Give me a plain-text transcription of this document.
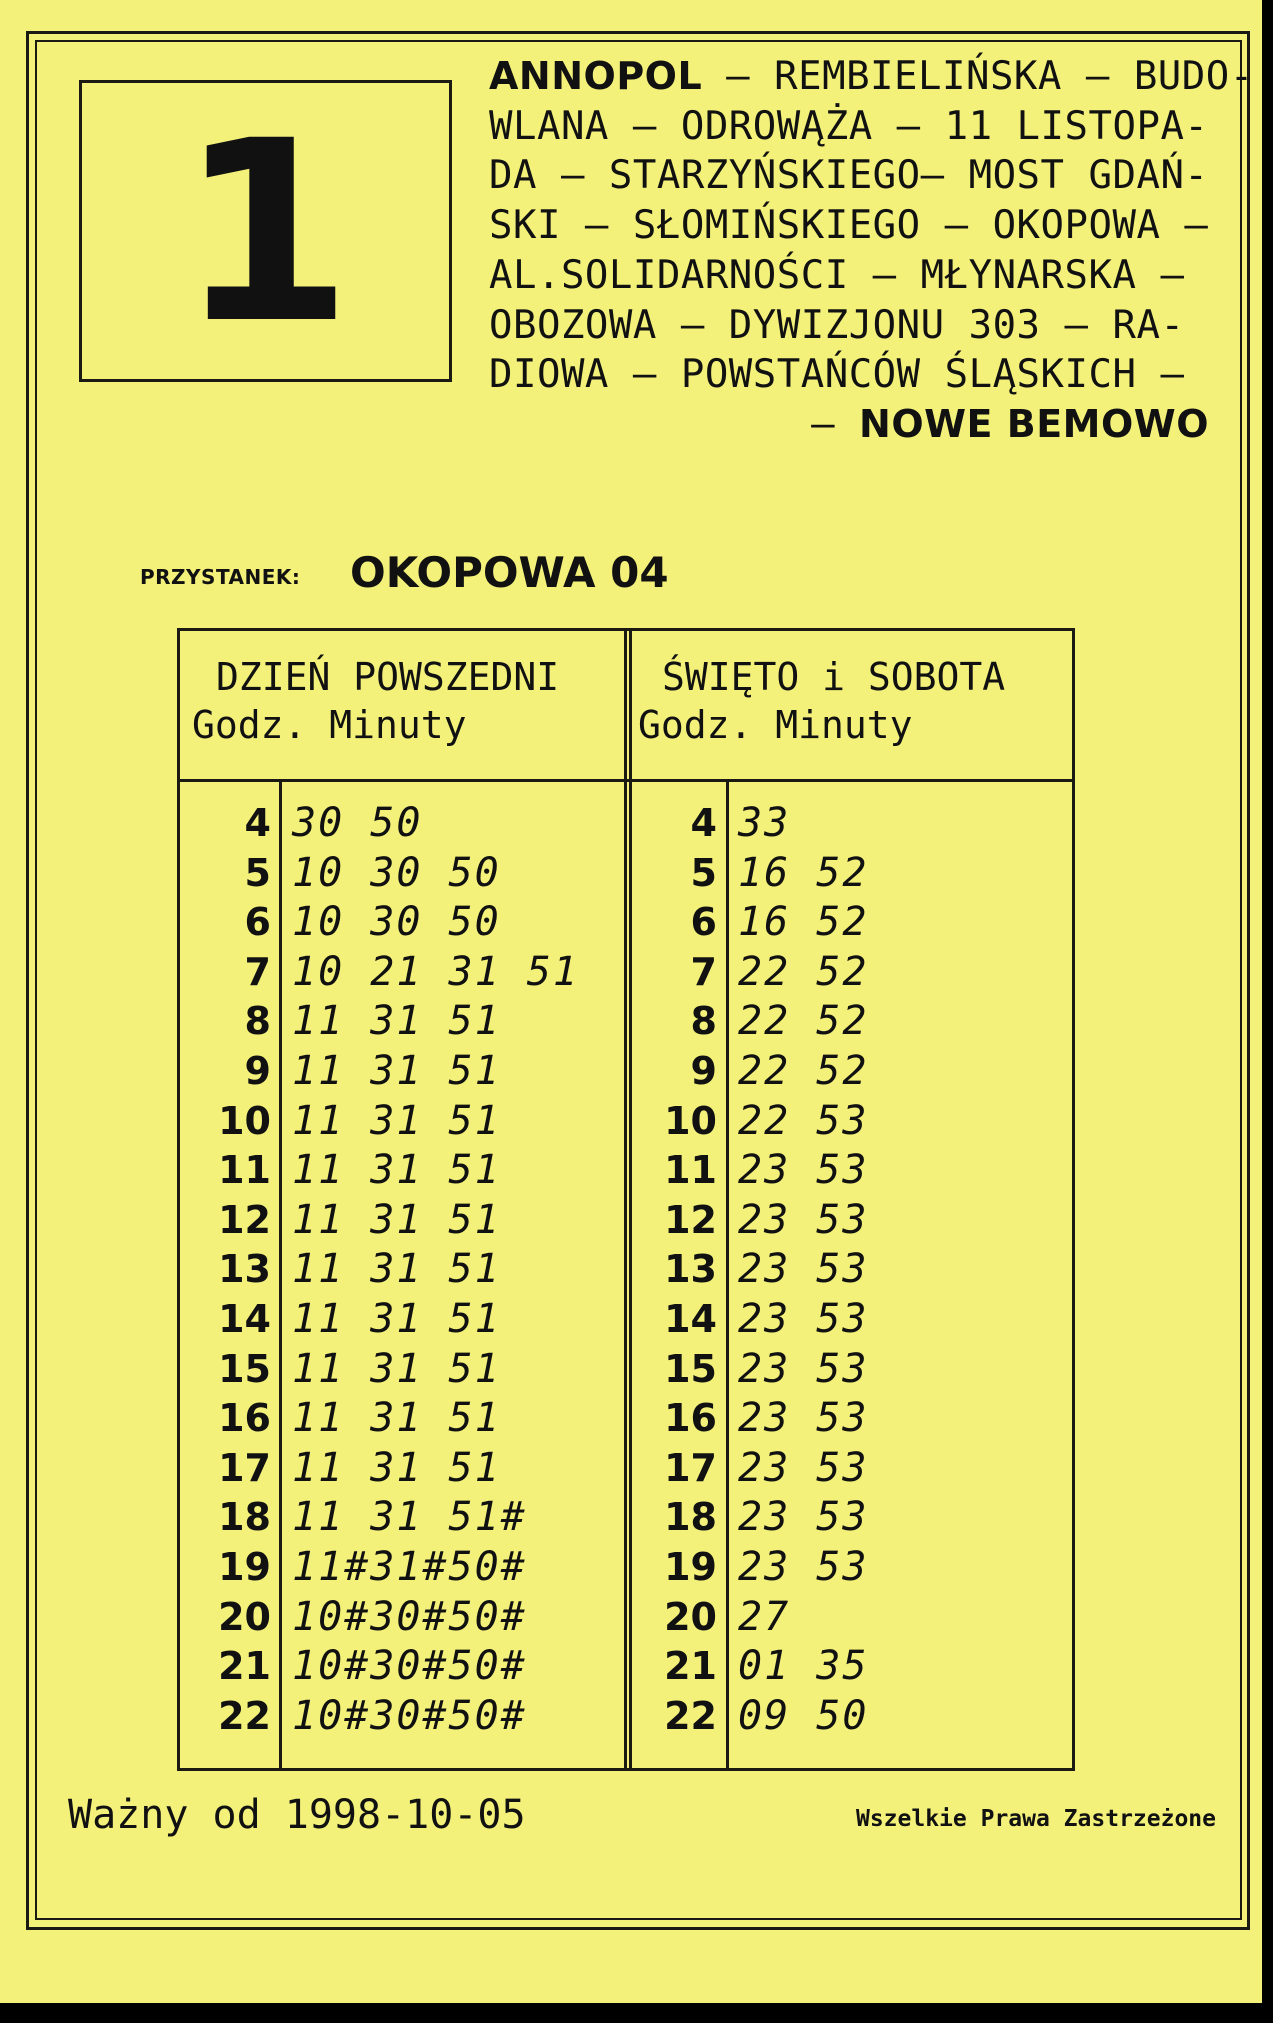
1
ANNOPOL – REMBIELIŃSKA – BUDO-
WLANA – ODROWĄŻA – 11 LISTOPA-
DA – STARZYŃSKIEGO– MOST GDAŃ-
SKI – SŁOMIŃSKIEGO – OKOPOWA –
AL.SOLIDARNOŚCI – MŁYNARSKA –
OBOZOWA – DYWIZJONU 303 – RA-
DIOWA – POWSTAŃCÓW ŚLĄSKICH –
– NOWE BEMOWO
PRZYSTANEK: OKOPOWA 04
DZIEŃ POWSZEDNI
Godz. Minuty
ŚWIĘTO i SOBOTA
Godz. Minuty
4 30 50
5 10 30 50
6 10 30 50
7 10 21 31 51
8 11 31 51
9 11 31 51
10 11 31 51
11 11 31 51
12 11 31 51
13 11 31 51
14 11 31 51
15 11 31 51
16 11 31 51
17 11 31 51
18 11 31 51#
19 11#31#50#
20 10#30#50#
21 10#30#50#
22 10#30#50#
4 33
5 16 52
6 16 52
7 22 52
8 22 52
9 22 52
10 22 53
11 23 53
12 23 53
13 23 53
14 23 53
15 23 53
16 23 53
17 23 53
18 23 53
19 23 53
20 27
21 01 35
22 09 50
Ważny od 1998-10-05	Wszelkie Prawa Zastrzeżone
